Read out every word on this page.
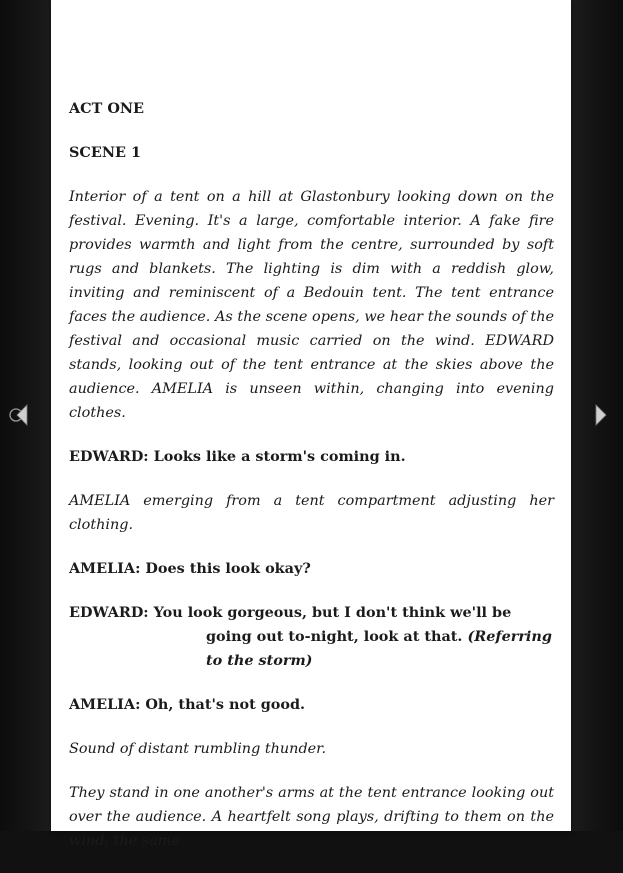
ACT ONE

SCENE 1

Interior of a tent on a hill at Glastonbury looking down on the festival. Evening. It's a large, comfortable interior. A fake fire provides warmth and light from the centre, surrounded by soft rugs and blankets. The lighting is dim with a reddish glow, inviting and reminiscent of a Bedouin tent. The tent entrance faces the audience. As the scene opens, we hear the sounds of the festival and occasional music carried on the wind. EDWARD stands, looking out of the tent entrance at the skies above the audience. AMELIA is unseen within, changing into evening clothes.

EDWARD: Looks like a storm's coming in.

AMELIA emerging from a tent compartment adjusting her clothing.

AMELIA: Does this look okay?

EDWARD: You look gorgeous, but I don't think we'll be going out to-night, look at that. (Referring to the storm)

AMELIA: Oh, that's not good.

Sound of distant rumbling thunder.

They stand in one another's arms at the tent entrance looking out over the audience. A heartfelt song plays, drifting to them on the wind, the same
